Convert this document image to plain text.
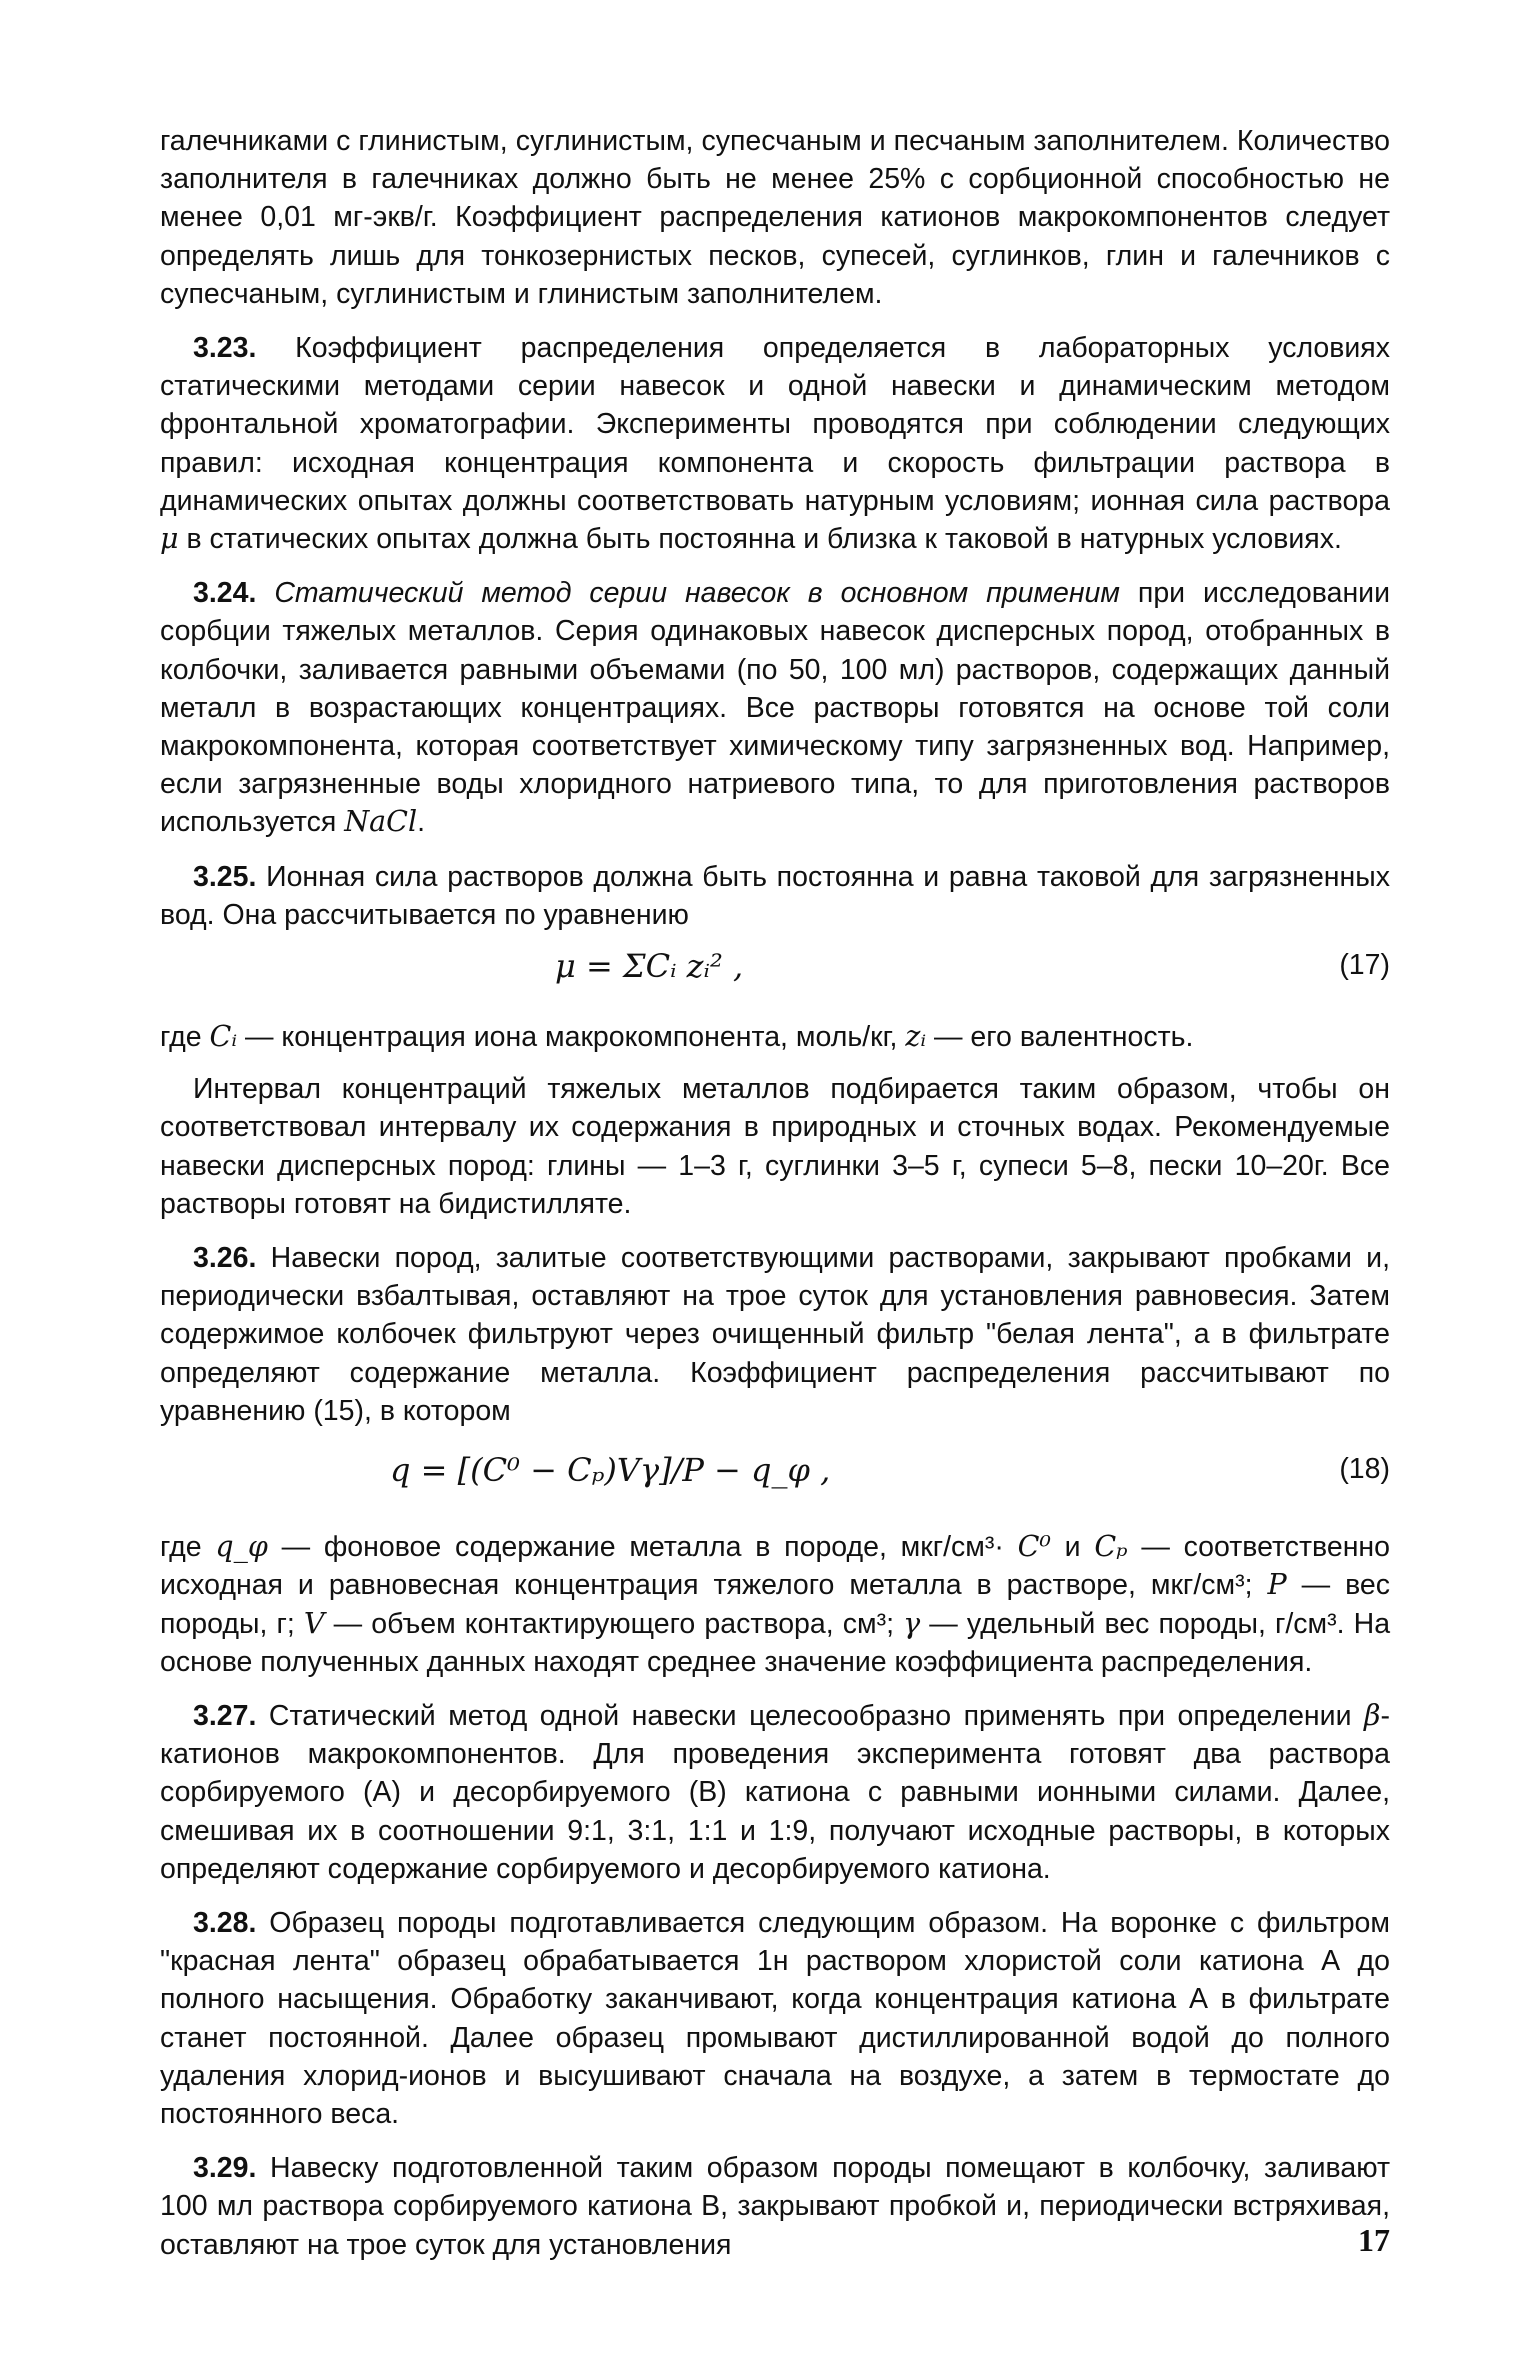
галечниками с глинистым, суглинистым, супесчаным и песчаным заполнителем. Количество заполнителя в галечниках должно быть не менее 25% с сорбционной способностью не менее 0,01 мг-экв/г. Коэффициент распределения катионов макрокомпонентов следует определять лишь для тонкозернистых песков, супесей, суглинков, глин и галечников с супесчаным, суглинистым и глинистым заполнителем.

3.23. Коэффициент распределения определяется в лабораторных условиях статическими методами серии навесок и одной навески и динамическим методом фронтальной хроматографии. Эксперименты проводятся при соблюдении следующих правил: исходная концентрация компонента и скорость фильтрации раствора в динамических опытах должны соответствовать натурным условиям; ионная сила раствора μ в статических опытах должна быть постоянна и близка к таковой в натурных условиях.

3.24. Статический метод серии навесок в основном применим при исследовании сорбции тяжелых металлов. Серия одинаковых навесок дисперсных пород, отобранных в колбочки, заливается равными объемами (по 50, 100 мл) растворов, содержащих данный металл в возрастающих концентрациях. Все растворы готовятся на основе той соли макрокомпонента, которая соответствует химическому типу загрязненных вод. Например, если загрязненные воды хлоридного натриевого типа, то для приготовления растворов используется NaCl.

3.25. Ионная сила растворов должна быть постоянна и равна таковой для загрязненных вод. Она рассчитывается по уравнению

μ = ΣCᵢ zᵢ² ,	(17)

где Cᵢ — концентрация иона макрокомпонента, моль/кг, zᵢ — его валентность.

Интервал концентраций тяжелых металлов подбирается таким образом, чтобы он соответствовал интервалу их содержания в природных и сточных водах. Рекомендуемые навески дисперсных пород: глины — 1–3 г, суглинки 3–5 г, супеси 5–8, пески 10–20г. Все растворы готовят на бидистилляте.

3.26. Навески пород, залитые соответствующими растворами, закрывают пробками и, периодически взбалтывая, оставляют на трое суток для установления равновесия. Затем содержимое колбочек фильтруют через очищенный фильтр "белая лента", а в фильтрате определяют содержание металла. Коэффициент распределения рассчитывают по уравнению (15), в котором

q = [(C⁰ − Cₚ)Vγ]/P − q_φ ,	(18)

где q_φ — фоновое содержание металла в породе, мкг/см³· C⁰ и Cₚ — соответственно исходная и равновесная концентрация тяжелого металла в растворе, мкг/см³; P — вес породы, г; V — объем контактирующего раствора, см³; γ — удельный вес породы, г/см³. На основе полученных данных находят среднее значение коэффициента распределения.

3.27. Статический метод одной навески целесообразно применять при определении β-катионов макрокомпонентов. Для проведения эксперимента готовят два раствора сорбируемого (А) и десорбируемого (В) катиона с равными ионными силами. Далее, смешивая их в соотношении 9:1, 3:1, 1:1 и 1:9, получают исходные растворы, в которых определяют содержание сорбируемого и десорбируемого катиона.

3.28. Образец породы подготавливается следующим образом. На воронке с фильтром "красная лента" образец обрабатывается 1н раствором хлористой соли катиона А до полного насыщения. Обработку заканчивают, когда концентрация катиона А в фильтрате станет постоянной. Далее образец промывают дистиллированной водой до полного удаления хлорид-ионов и высушивают сначала на воздухе, а затем в термостате до постоянного веса.

3.29. Навеску подготовленной таким образом породы помещают в колбочку, заливают 100 мл раствора сорбируемого катиона В, закрывают пробкой и, периодически встряхивая, оставляют на трое суток для установления	17
